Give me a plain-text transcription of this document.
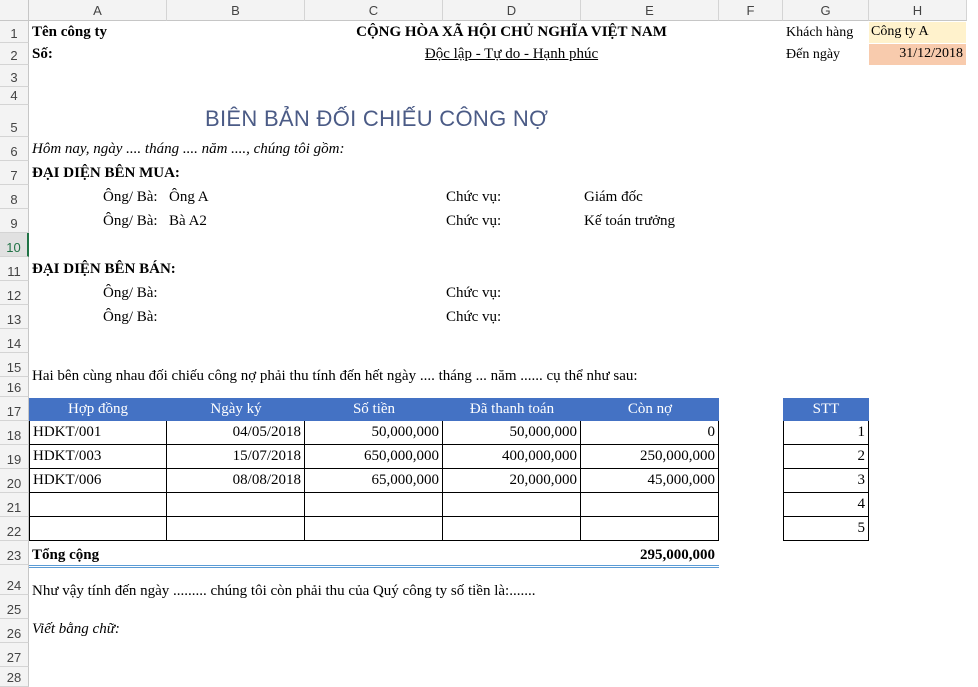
A	B	C	D	E	F	G	H
1
2
3
4
5
6
7
8
9
10
11
12
13
14
15
16
17
18
19
20
21
22
23
24
25
26
27
28
Tên công ty
Số:
CỘNG HÒA XÃ HỘI CHỦ NGHĨA VIỆT NAM
Độc lập - Tự do - Hạnh phúc
Khách hàng Công ty A
Đến ngày	31/12/2018
BIÊN BẢN ĐỐI CHIẾU CÔNG NỢ
Hôm nay, ngày .... tháng .... năm ...., chúng tôi gồm:
ĐẠI DIỆN BÊN MUA:
Ông/ Bà: Ông A	Chức vụ:	Giám đốc
Ông/ Bà: Bà A2	Chức vụ:	Kế toán trưởng
ĐẠI DIỆN BÊN BÁN:
Ông/ Bà:	Chức vụ:
Ông/ Bà:	Chức vụ:
Hai bên cùng nhau đối chiếu công nợ phải thu tính đến hết ngày .... tháng ... năm ...... cụ thể như sau:
Hợp đồng	Ngày ký	Số tiền	Đã thanh toán	Còn nợ
HDKT/001	04/05/2018	50,000,000	50,000,000	0
HDKT/003	15/07/2018	650,000,000	400,000,000	250,000,000
HDKT/006	08/08/2018	65,000,000	20,000,000	45,000,000
STT
1
2
3
4
5
Tổng cộng	295,000,000
Như vậy tính đến ngày ......... chúng tôi còn phải thu của Quý công ty số tiền là:.......
Viết bằng chữ:
